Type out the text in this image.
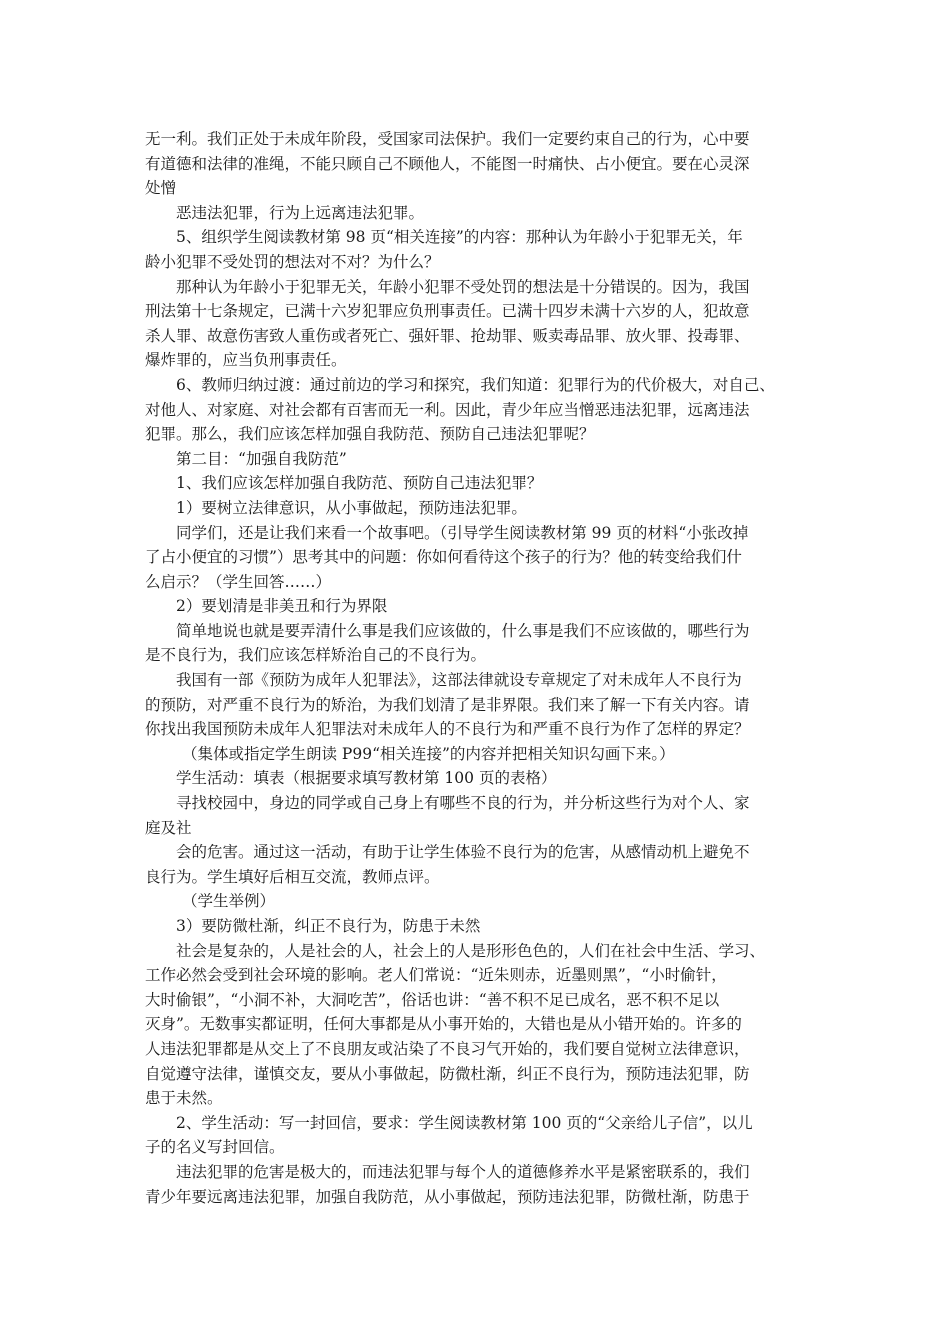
无一利。我们正处于未成年阶段，受国家司法保护。我们一定要约束自己的行为，心中要
有道德和法律的准绳，不能只顾自己不顾他人，不能图一时痛快、占小便宜。要在心灵深
处憎
恶违法犯罪，行为上远离违法犯罪。
5、组织学生阅读教材第 98 页“相关连接”的内容：那种认为年龄小于犯罪无关，年
龄小犯罪不受处罚的想法对不对？为什么？
那种认为年龄小于犯罪无关，年龄小犯罪不受处罚的想法是十分错误的。因为，我国
刑法第十七条规定，已满十六岁犯罪应负刑事责任。已满十四岁未满十六岁的人，犯故意
杀人罪、故意伤害致人重伤或者死亡、强奸罪、抢劫罪、贩卖毒品罪、放火罪、投毒罪、
爆炸罪的，应当负刑事责任。
6、教师归纳过渡：通过前边的学习和探究，我们知道：犯罪行为的代价极大，对自己、
对他人、对家庭、对社会都有百害而无一利。因此，青少年应当憎恶违法犯罪，远离违法
犯罪。那么，我们应该怎样加强自我防范、预防自己违法犯罪呢？
第二目：“加强自我防范”
1、我们应该怎样加强自我防范、预防自己违法犯罪？
1）要树立法律意识，从小事做起，预防违法犯罪。
同学们，还是让我们来看一个故事吧。（引导学生阅读教材第 99 页的材料“小张改掉
了占小便宜的习惯”）思考其中的问题：你如何看待这个孩子的行为？他的转变给我们什
么启示？（学生回答……）
2）要划清是非美丑和行为界限
简单地说也就是要弄清什么事是我们应该做的，什么事是我们不应该做的，哪些行为
是不良行为，我们应该怎样矫治自己的不良行为。
我国有一部《预防为成年人犯罪法》，这部法律就设专章规定了对未成年人不良行为
的预防，对严重不良行为的矫治，为我们划清了是非界限。我们来了解一下有关内容。请
你找出我国预防未成年人犯罪法对未成年人的不良行为和严重不良行为作了怎样的界定？
（集体或指定学生朗读 P99“相关连接”的内容并把相关知识勾画下来。）
学生活动：填表（根据要求填写教材第 100 页的表格）
寻找校园中，身边的同学或自己身上有哪些不良的行为，并分析这些行为对个人、家
庭及社
会的危害。通过这一活动，有助于让学生体验不良行为的危害，从感情动机上避免不
良行为。学生填好后相互交流，教师点评。
（学生举例）
3）要防微杜渐，纠正不良行为，防患于未然
社会是复杂的，人是社会的人，社会上的人是形形色色的，人们在社会中生活、学习、
工作必然会受到社会环境的影响。老人们常说：“近朱则赤，近墨则黑”，“小时偷针，
大时偷银”，“小洞不补，大洞吃苦”，俗话也讲：“善不积不足已成名，恶不积不足以
灭身”。无数事实都证明，任何大事都是从小事开始的，大错也是从小错开始的。许多的
人违法犯罪都是从交上了不良朋友或沾染了不良习气开始的，我们要自觉树立法律意识，
自觉遵守法律，谨慎交友，要从小事做起，防微杜渐，纠正不良行为，预防违法犯罪，防
患于未然。
2、学生活动：写一封回信，要求：学生阅读教材第 100 页的“父亲给儿子信”，以儿
子的名义写封回信。
违法犯罪的危害是极大的，而违法犯罪与每个人的道德修养水平是紧密联系的，我们
青少年要远离违法犯罪，加强自我防范，从小事做起，预防违法犯罪，防微杜渐，防患于
